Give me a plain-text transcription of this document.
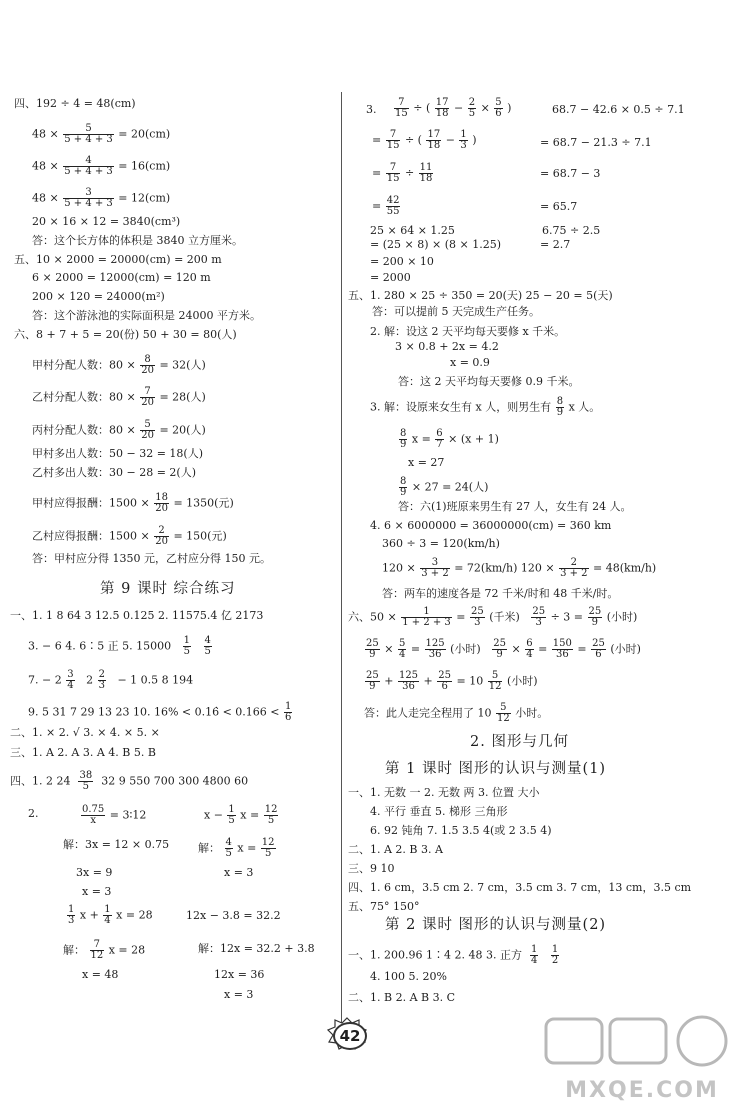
四、192 ÷ 4 = 48(cm)
$48 \times \frac{5}{5 + 4 + 3} = 20(cm)$
$48 \times \frac{4}{5 + 4 + 3} = 16(cm)$
$48 \times \frac{3}{5 + 4 + 3} = 12(cm)$
20 × 16 × 12 = 3840(cm³)
答：这个长方体的体积是 3840 立方厘米。
五、10 × 2000 = 20000(cm) = 200 m
6 × 2000 = 12000(cm) = 120 m
200 × 120 = 24000(m²)
答：这个游泳池的实际面积是 24000 平方米。
六、8 + 7 + 5 = 20(份) 50 + 30 = 80(人)
甲村分配人数：$80 \times \frac{8}{20} = 32$(人)
乙村分配人数：$80 \times \frac{7}{20} = 28$(人)
丙村分配人数：$80 \times \frac{5}{20} = 20$(人)
甲村多出人数：50 − 32 = 18(人)
乙村多出人数：30 − 28 = 2(人)
甲村应得报酬：$1500 \times \frac{18}{20} = 1350$(元)
乙村应得报酬：$1500 \times \frac{2}{20} = 150$(元)
答：甲村应分得 1350 元，乙村应分得 150 元。
第 9 课时 综合练习
一、1. 1 8 64 3 12.5 0.125 2. 11575.4 亿 2173
3. − 6 4. 6∶5 正 5. $15000 \frac{1}{5}$
$\frac{4}{5}$
7. − $2 \frac{3}{4} 2 \frac{2}{3} - 1$ 0.5 8 194
9. 5 31 7 29 13 23 10. 16% < 0.16̇ < $0.166 < \frac{1}{6}$
二、1. × 2. √ 3. × 4. × 5. ×
三、1. A 2. A 3. A 4. B 5. B
四、1. 2 $24 \frac{38}{5} 32$ 9 550 700 300 4800 60
2.	$\frac{0.75}{x}$ = 3∶12
解：3x = 12 × 0.75
3x = 9
x = 3
$x - \frac{1}{5}$ $x = \frac{12}{5}$
解： $\frac{4}{5}$ $x = \frac{12}{5}$
x = 3
$\frac{1}{3}$ $x + \frac{1}{4}$ x = 28
解： $\frac{7}{12}$ x = 28
x = 48
12x − 3.8 = 32.2
解：12x = 32.2 + 3.8
12x = 36
x = 3
3. $\frac{7}{15}$ ÷ ( $\frac{17}{18} - \frac{2}{5} \times \frac{5}{6}$ )
= $\frac{7}{15}$ ÷ ( $\frac{17}{18} - \frac{1}{3}$ )
= $\frac{7}{15} \div \frac{11}{18}$
= $\frac{42}{55}$
68.7 − 42.6 × 0.5 ÷ 7.1
= 68.7 − 21.3 ÷ 7.1
= 68.7 − 3
= 65.7
25 × 64 × 1.25
= (25 × 8) × (8 × 1.25)
= 200 × 10
= 2000
6.75 ÷ 2.5
= 2.7
五、1. 280 × 25 ÷ 350 = 20(天) 25 − 20 = 5(天)
答：可以提前 5 天完成生产任务。
2. 解：设这 2 天平均每天要修 x 千米。
3 × 0.8 + 2x = 4.2
x = 0.9
答：这 2 天平均每天要修 0.9 千米。
3. 解：设原来女生有 x 人，则男生有 $\frac{8}{9}$ x 人。
$\frac{8}{9}$ $x = \frac{6}{7} \times (x + 1)$
x = 27
$\frac{8}{9} \times 27 = 24$(人)
答：六(1)班原来男生有 27 人，女生有 24 人。
4. 6 × 6000000 = 36000000(cm) = 360 km
360 ÷ 3 = 120(km/h)
$120 \times \frac{3}{3 + 2} = 72(km/h) 120 \times \frac{2}{3 + 2} = 48(km/h)$
答：两车的速度各是 72 千米/时和 48 千米/时。
六、$50 \times \frac{1}{1 + 2 + 3} = \frac{25}{3}$ (千米) $\frac{25}{3} \div 3 = \frac{25}{9}$ (小时)
$\frac{25}{9} \times \frac{5}{4} = \frac{125}{36}$ (小时) $\frac{25}{9} \times \frac{6}{4} = \frac{150}{36} = \frac{25}{6}$ (小时)
$\frac{25}{9} + \frac{125}{36} + \frac{25}{6} = 10 \frac{5}{12}$ (小时)
答：此人走完全程用了 $10 \frac{5}{12}$ 小时。
2. 图形与几何
第 1 课时 图形的认识与测量(1)
一、1. 无数 一 2. 无数 两 3. 位置 大小
4. 平行 垂直 5. 梯形 三角形
6. 92 钝角 7. 1.5 3.5 4(或 2 3.5 4)
二、1. A 2. B 3. A
三、9 10
四、1. 6 cm，3.5 cm 2. 7 cm，3.5 cm 3. 7 cm，13 cm，3.5 cm
五、75° 150°
第 2 课时 图形的认识与测量(2)
一、1. 200.96 1∶4 2. 48 3. 正方 $\frac{1}{4}$
$\frac{1}{2}$
4. 100 5. 20%
二、1. B 2. A B 3. C
42
MXQE.COM
